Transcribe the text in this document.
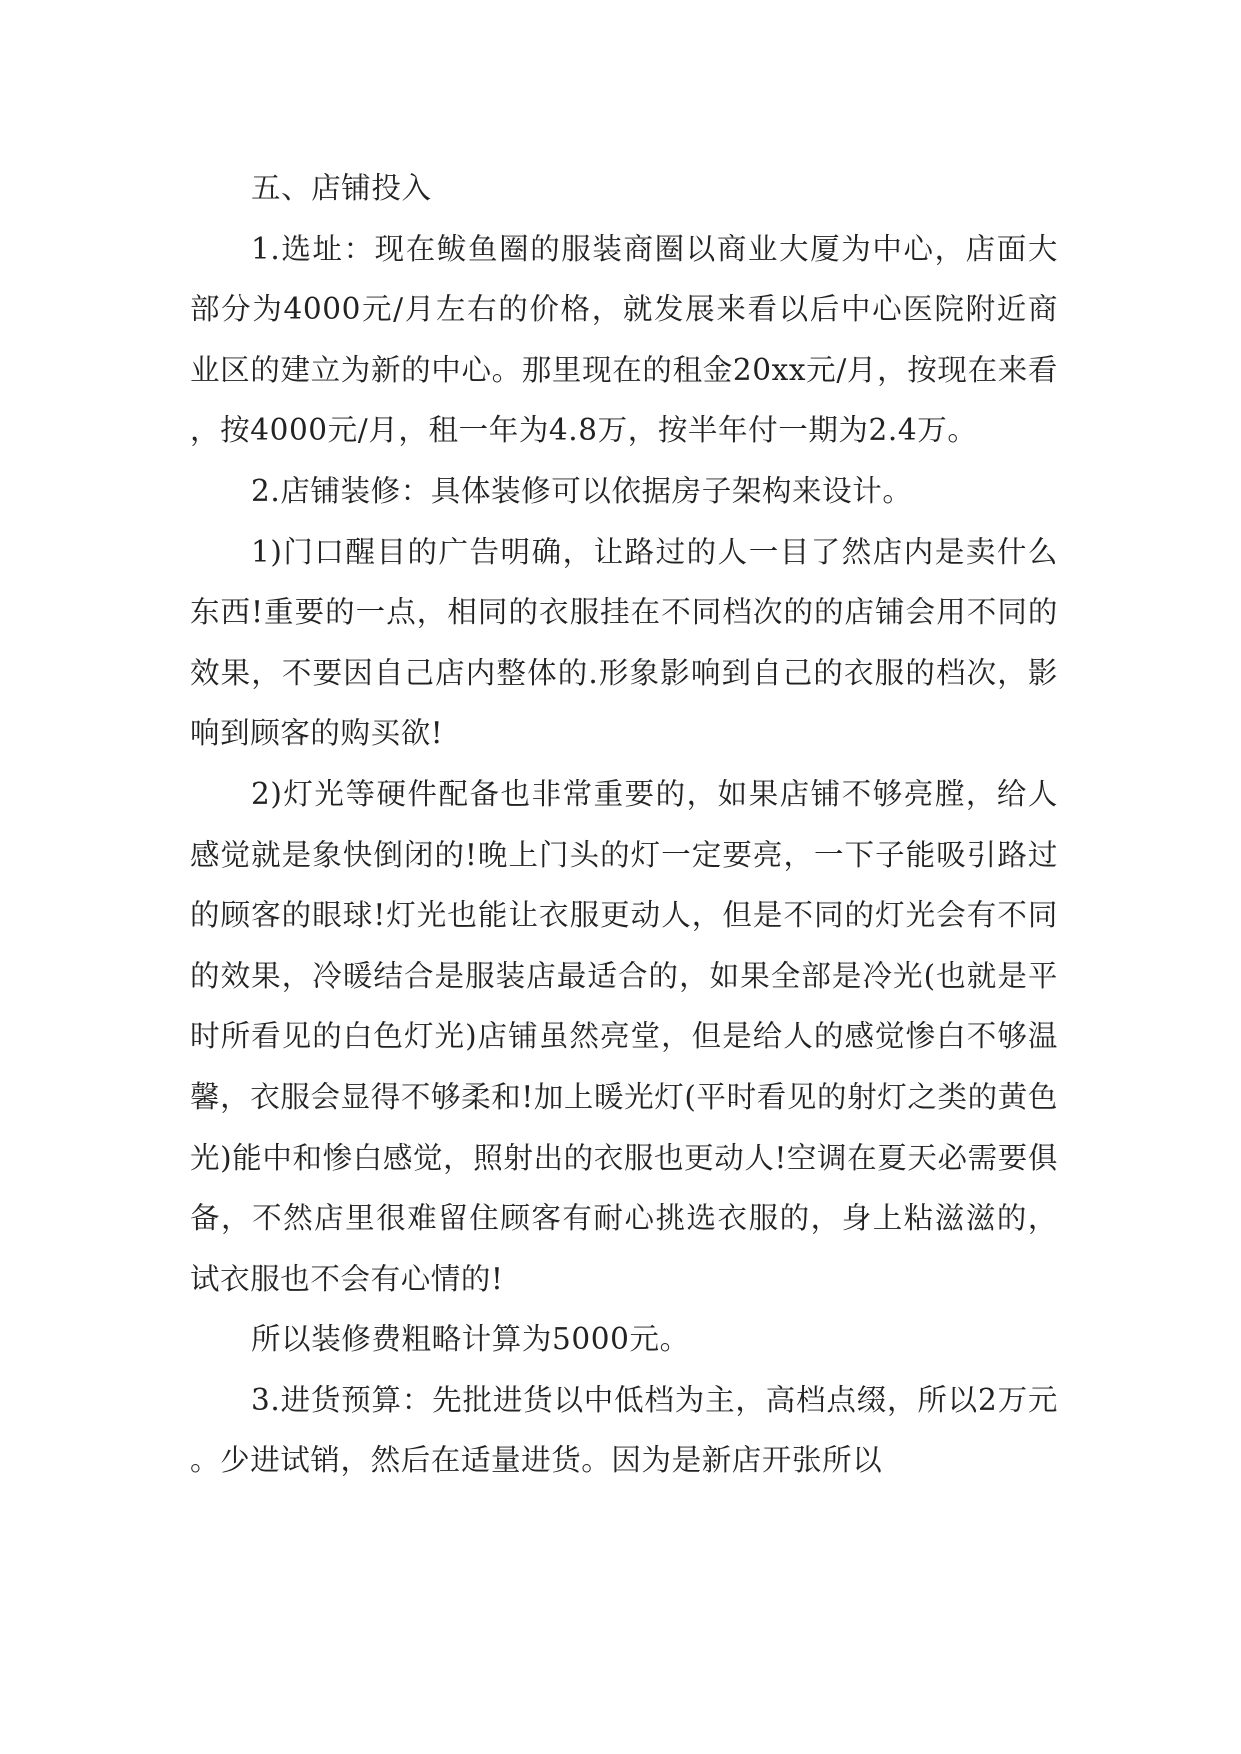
五、店铺投入

1.选址：现在鲅鱼圈的服装商圈以商业大厦为中心，店面大部分为4000元/月左右的价格，就发展来看以后中心医院附近商业区的建立为新的中心。那里现在的租金20xx元/月，按现在来看，按4000元/月，租一年为4.8万，按半年付一期为2.4万。

2.店铺装修：具体装修可以依据房子架构来设计。

1)门口醒目的广告明确，让路过的人一目了然店内是卖什么东西!重要的一点，相同的衣服挂在不同档次的的店铺会用不同的效果，不要因自己店内整体的.形象影响到自己的衣服的档次，影响到顾客的购买欲!

2)灯光等硬件配备也非常重要的，如果店铺不够亮膛，给人感觉就是象快倒闭的!晚上门头的灯一定要亮，一下子能吸引路过的顾客的眼球!灯光也能让衣服更动人，但是不同的灯光会有不同的效果，冷暖结合是服装店最适合的，如果全部是冷光(也就是平时所看见的白色灯光)店铺虽然亮堂，但是给人的感觉惨白不够温馨，衣服会显得不够柔和!加上暖光灯(平时看见的射灯之类的黄色光)能中和惨白感觉，照射出的衣服也更动人!空调在夏天必需要俱备，不然店里很难留住顾客有耐心挑选衣服的，身上粘滋滋的，试衣服也不会有心情的!

所以装修费粗略计算为5000元。

3.进货预算：先批进货以中低档为主，高档点缀，所以2万元。少进试销，然后在适量进货。因为是新店开张所以
